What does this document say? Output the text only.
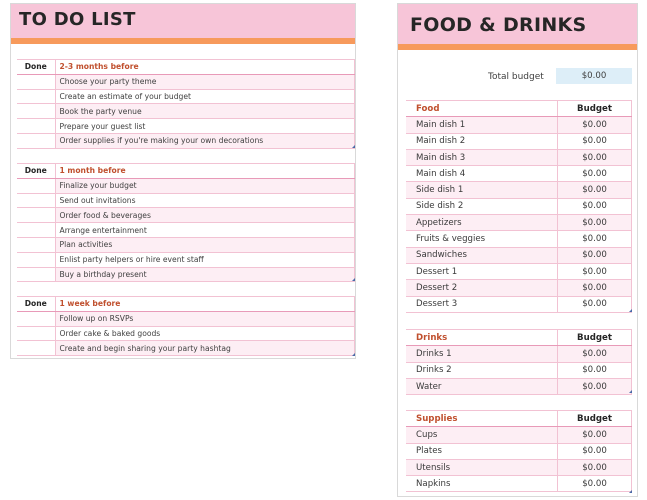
TO DO LIST
Done	2-3 months before
	Choose your party theme
	Create an estimate of your budget
	Book the party venue
	Prepare your guest list
	Order supplies if you're making your own decorations
Done	1 month before
	Finalize your budget
	Send out invitations
	Order food & beverages
	Arrange entertainment
	Plan activities
	Enlist party helpers or hire event staff
	Buy a birthday present
Done	1 week before
	Follow up on RSVPs
	Order cake & baked goods
	Create and begin sharing your party hashtag
FOOD & DRINKS
Total budget	$0.00
Food	Budget
Main dish 1	$0.00
Main dish 2	$0.00
Main dish 3	$0.00
Main dish 4	$0.00
Side dish 1	$0.00
Side dish 2	$0.00
Appetizers	$0.00
Fruits & veggies	$0.00
Sandwiches	$0.00
Dessert 1	$0.00
Dessert 2	$0.00
Dessert 3	$0.00
Drinks	Budget
Drinks 1	$0.00
Drinks 2	$0.00
Water	$0.00
Supplies	Budget
Cups	$0.00
Plates	$0.00
Utensils	$0.00
Napkins	$0.00
